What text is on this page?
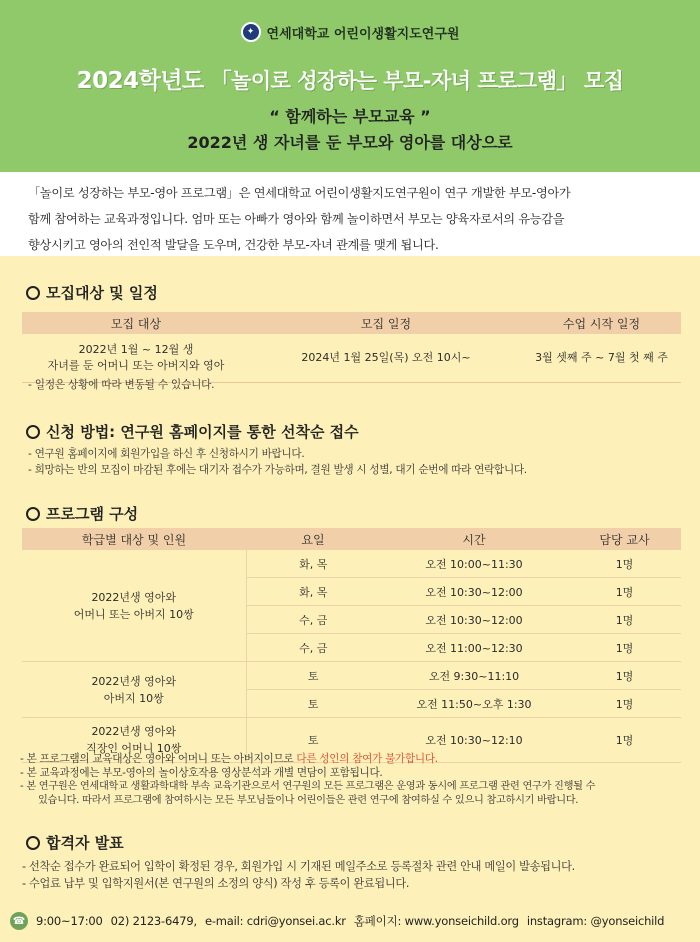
✦ 연세대학교 어린이생활지도연구원
2024학년도 「놀이로 성장하는 부모-자녀 프로그램」 모집
“ 함께하는 부모교육 ”
2022년 생 자녀를 둔 부모와 영아를 대상으로

「놀이로 성장하는 부모-영아 프로그램」은 연세대학교 어린이생활지도연구원이 연구 개발한 부모-영아가

함께 참여하는 교육과정입니다. 엄마 또는 아빠가 영아와 함께 놀이하면서 부모는 양육자로서의 유능감을

향상시키고 영아의 전인적 발달을 도우며, 건강한 부모-자녀 관계를 맺게 됩니다.

모집대상 및 일정
모집 대상	모집 일정	수업 시작 일정

2022년 1월 ~ 12월 생
자녀를 둔 어머니 또는 아버지와 영아	2024년 1월 25일(목) 오전 10시~	3월 셋째 주 ~ 7월 첫 째 주
- 일정은 상황에 따라 변동될 수 있습니다.
신청 방법: 연구원 홈페이지를 통한 선착순 접수
- 연구원 홈페이지에 회원가입을 하신 후 신청하시기 바랍니다.
- 희망하는 반의 모집이 마감된 후에는 대기자 접수가 가능하며, 결원 발생 시 성별, 대기 순번에 따라 연락합니다.
프로그램 구성
학급별 대상 및 인원	요일	시간	담당 교사

2022년생 영아와
어머니 또는 아버지 10쌍	화, 목	오전 10:00~11:30	1명
	화, 목	오전 10:30~12:00	1명
	수, 금	오전 10:30~12:00	1명
	수, 금	오전 11:00~12:30	1명

2022년생 영아와
아버지 10쌍	토	오전 9:30~11:10	1명
	토	오전 11:50~오후 1:30	1명

2022년생 영아와
직장인 어머니 10쌍	토	오전 10:30~12:10	1명
- 본 프로그램의 교육대상은 영아와 어머니 또는 아버지이므로 다른 성인의 참여가 불가합니다.
- 본 교육과정에는 부모-영아의 놀이상호작용 영상분석과 개별 면담이 포함됩니다.
- 본 연구원은 연세대학교 생활과학대학 부속 교육기관으로서 연구원의 모든 프로그램은 운영과 동시에 프로그램 관련 연구가 진행될 수
있습니다. 따라서 프로그램에 참여하시는 모든 부모님들이나 어린이들은 관련 연구에 참여하실 수 있으니 참고하시기 바랍니다.
합격자 발표
- 선착순 접수가 완료되어 입학이 확정된 경우, 회원가입 시 기재된 메일주소로 등록절차 관련 안내 메일이 발송됩니다.
- 수업료 납부 및 입학지원서(본 연구원의 소정의 양식) 작성 후 등록이 완료됩니다.
☎ 9:00~17:00 02) 2123-6479, e-mail: cdri@yonsei.ac.kr 홈페이지: www.yonseichild.org instagram: @yonseichild
